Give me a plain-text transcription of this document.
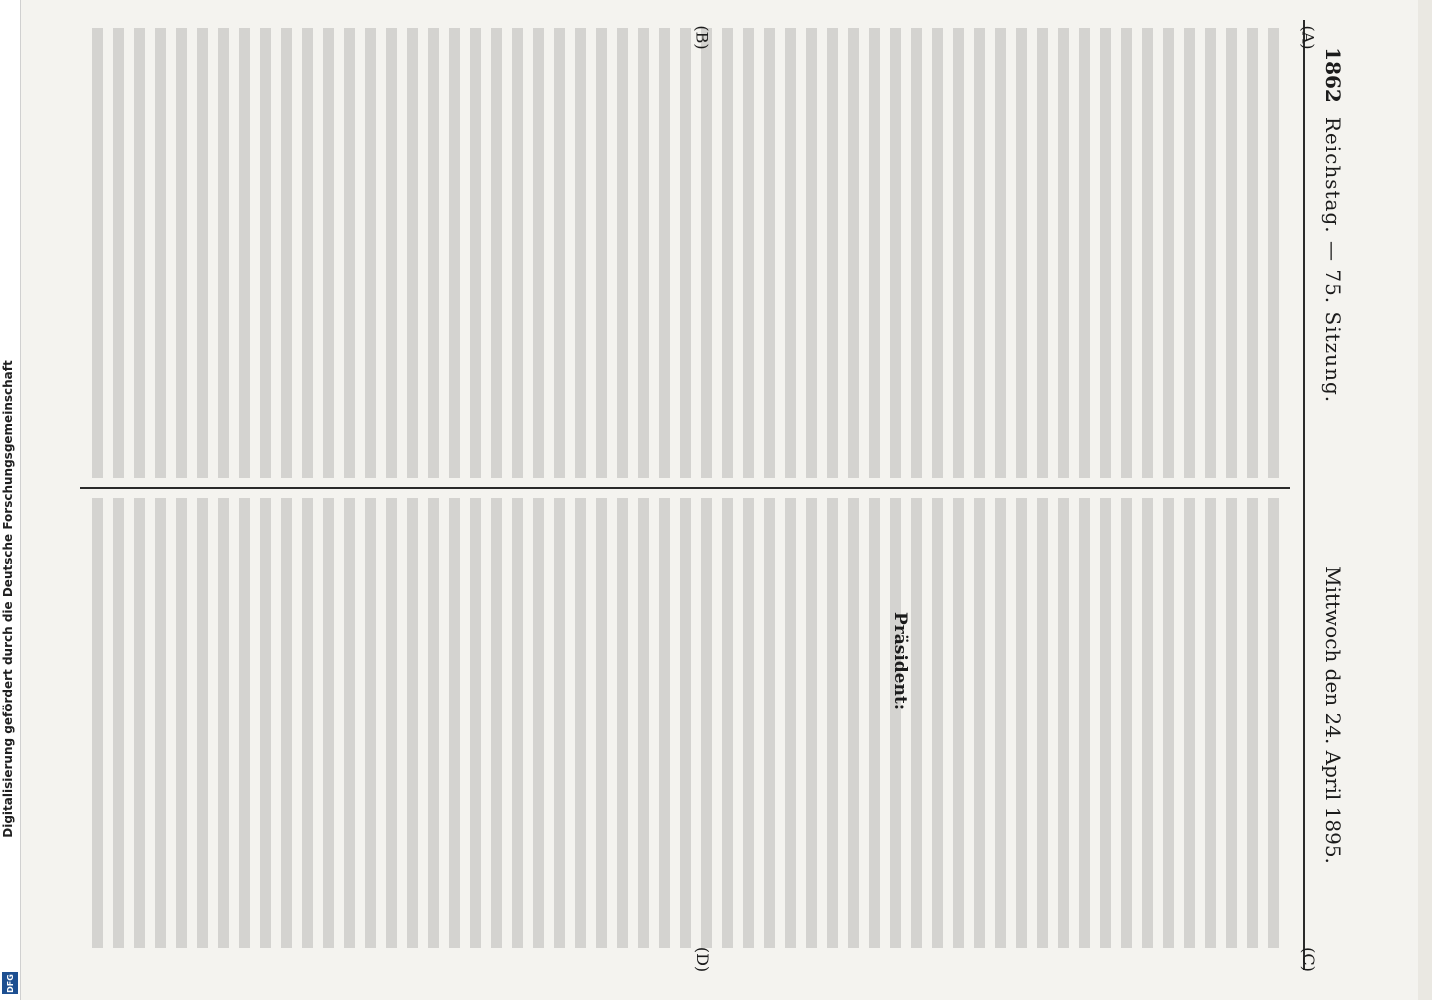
1862
Reichstag. — 75. Sitzung.
Mittwoch den 24. April 1895.
(A)
(B)
(C)
(D)
Präsident:
Digitalisierung gefördert durch die Deutsche Forschungsgemeinschaft
DFG
